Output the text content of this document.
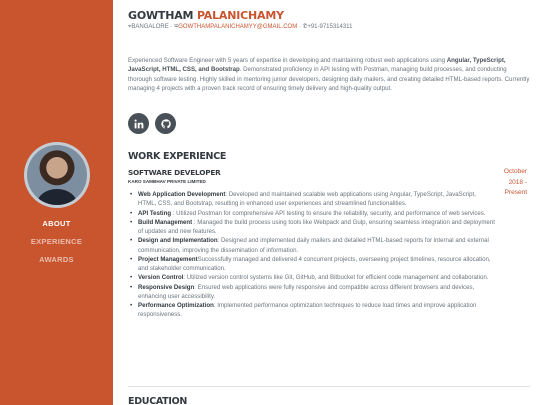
ABOUT
EXPERIENCE
AWARDS
GOWTHAM PALANICHAMY
⌖BANGALORE · ✉GOWTHAMPALANICHAMYY@GMAIL.COM · ✆+91-9715314311

Experienced Software Engineer with 5 years of expertise in developing and maintaining robust web applications using Angular, TypeScript, JavaScript, HTML, CSS, and Bootstrap. Demonstrated proficiency in API testing with Postman, managing build processes, and conducting thorough software testing. Highly skilled in mentoring junior developers, designing daily mailers, and creating detailed HTML-based reports. Currently managing 4 projects with a proven track record of ensuring timely delivery and high-quality output.

WORK EXPERIENCE
SOFTWARE DEVELOPER
KARO SAMBHAV PRIVATE LIMITED
October
2018 -
Present
• Web Application Development: Developed and maintained scalable web applications using Angular, TypeScript, JavaScript, HTML, CSS, and Bootstrap, resulting in enhanced user experiences and streamlined functionalities.
• API Testing : Utilized Postman for comprehensive API testing to ensure the reliability, security, and performance of web services.
• Build Management : Managed the build process using tools like Webpack and Gulp, ensuring seamless integration and deployment of updates and new features.
• Design and Implementation: Designed and implemented daily mailers and detailed HTML-based reports for internal and external communication, improving the dissemination of information.
• Project ManagementSuccessfully managed and delivered 4 concurrent projects, overseeing project timelines, resource allocation, and stakeholder communication.
• Version Control: Utilized version control systems like Git, GitHub, and Bitbucket for efficient code management and collaboration.
• Responsive Design: Ensured web applications were fully responsive and compatible across different browsers and devices, enhancing user accessibility.
• Performance Optimization: Implemented performance optimization techniques to reduce load times and improve application responsiveness.
EDUCATION
